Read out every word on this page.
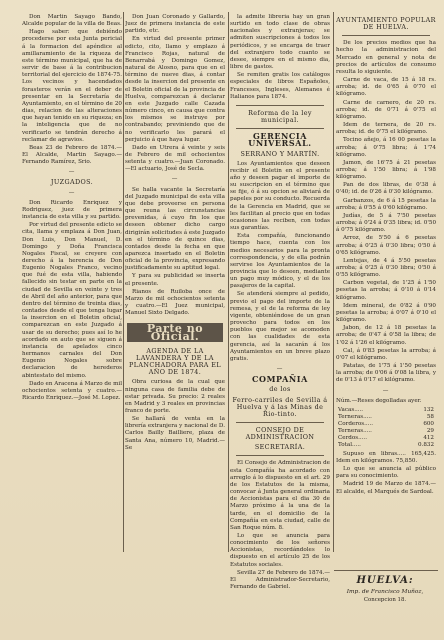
Don Martin Sayago Bando, Alcalde popular de la villa de Beas.

Hago saber: que debiéndo procederse por esta Junta pericial á la formacion del apéndice al amillaramiento de la riqueza de este término municipal, que ha de servir de base á la contribucion territorial del ejercicio de 1874-75. Los vecinos y hacendados forasteros verán en el deber de presentar en la Secretaría de Ayuntamiento, en el término de 20 dias, relacion de las alteraciones que hayan tenido en su riqueza; en la inteligencia que de no verificarlo se tendrán derecho á reclamar de agravios.

Beas 23 de Febrero de 1874.—El Alcalde, Martin Sayago.—Fernando Ramírez, Srio.

—
JUZGADOS.
—

Don Ricardo Enriquez y Rodriguez, juez de primera instancia de esta villa y su partido.

Por virtud del presente edicto se cita, llama y emplaza á Don Juan, Don Luis, Don Manuel, D. Domingo y Doña Francisca Nogales Fiscal, se creyere con derecho á la herencia de Don Eugenio Nogales Franco, vecino que fué de esta villa, habiendo fallecido sin testar en parte en la ciudad de Sevilla en veinte y tres de Abril del año anterior, para que dentro del término de treinta dias, contados desde el que tenga lugar la insercion en el Boletin oficial, comparezcan en este Juzgado á usar de su derecho; pues así lo he acordado en auto que se siguen á instancia de apelados cinco hermanos carnales del Don Eugenio Nogales sobre declaracion de herederos abintestato del mismo.

Dado en Aracena á Marzo de mil ochocientos setenta y cuatro.—Ricardo Enriquez.—José M. Lopez.

Don Juan Coronado y Gallardo, Juez de primera instancia de este partido, etc.

En virtud del presente primer edicto, cito, llamo y emplazo á Francisco Rojas, natural de Benarrabá y Domingo Gomez, natural de Alosno, para que en el término de nueve dias, á contar desde la insercion del presente en el Boletin oficial de la provincia de Huelva, comparezcan á declarar en este Juzgado calle Cazada número cinco, en causa que contra los mismos se instruye por contrabando; previniendo que de no verificarlo les parará el perjuicio á que haya lugar.

Dado en Utrera á veinte y seis de Febrero de mil ochocientos setenta y cuatro.—Juan Coronado.—El actuario, José de Secla.

—

Se halla vacante la Secretaría del Juzgado municipal de esta villa que debe proveerse en persona que reuna las circunstancias prevenidas, á cuyo fin los que deseen obtener dicho cargo dirigirán solicitudes á este Juzgado en el término de quince dias, contados desde la fecha en que aparezca insertado en el Boletin oficial de la provincia, expresando justificadamente su aptitud legal.

Y para su publicidad se inserta el presente.

Rianos de Ruiloba once de Marzo de mil ochocientos setenta y cuatro.—El Juez municipal, Manuel Sixto Delgado.

Parte no Oficial.
AGENDA DE LA LAVANDERA Y DE LA PLANCHADORA PARA EL AÑO DE 1874.

Obra curiosa de la cual que ninguna casa de familia debe de estar privada. Su precio: 2 reales en Madrid y 3 reales en provincias franco de porte.

Se hallará de venta en la librería extranjera y nacional de D. Carlos Bailly Bailliere, plaza de Santa Ana, número 10, Madrid.—Se

la admite librería hay un gran surtido en todo clase de obras nacionales y extranjeras; se admiten suscripciones á todos los periódicos, y se encarga de traer del extranjero todo cuanto se desee, siempre en el mismo dia, libre de gastos.

Se remiten gratis los catálogos especiales de libros Españoles, Franceses, Ingleses, Alemanes é Italianos para 1874.

Reforma de la ley municipal.
GERENCIA UNIVERSAL.
SERRANO Y MARTÍN.

Los Ayuntamientos que deseen recibir el Boletin en el presente año y deseen pagar el importe de su suscripcion en el término que se fije, ó á su opcion se aliviará de papeles por su conducto. Recuerda de la Gerencia en Madrid, que se les facilitan al precio que en todas ocasiones las reciben, con todas sus garantías.

Esta compañía, funcionando tiempo hace, cuenta con los medios necesarios para la pronta correspondencia, y de ella podrán servirse los Ayuntamientos de la provincia que lo deseen, mediante un pago muy módico, y el de los pasajeros de la capital.

Se atenderá siempre al pedido, previo el pago del importe de la remesa, y el de la reforma de ley vigente, obteniéndose de un gran provecho para todos en los pueblos que mejor se acomoden con las cualidades de esta gerencia, así la sacarán á los Ayuntamientos en un breve plazo gratis.

—
COMPAÑIA
de los
Ferro-carriles de Sevilla á Huelva y á las Minas de Rio-tinto.
CONSEJO DE ADMINISTRACION
SECRETARÍA.

El Consejo de Administracion de esta Compañía ha acordado con arreglo á lo dispuesto en el art. 29 de los Estatutos de la misma, convocar á Junta general ordinaria de Accionistas para el dia 30 de Marzo próximo á la una de la tarde, en el domicilio de la Compañía en esta ciudad, calle de San Roque núm. 8.

Lo que se anuncia para conocimiento de los señores Accionistas, recordándoles lo dispuesto en el artículo 25 de los Estatutos sociales.

Sevilla 27 de Febrero de 1874.—El Administrador-Secretario, Fernando de Gabriel.

AYUNTAMIENTO POPULAR DE HUELVA.

De los precios medios que ha hecho la administracion del Mercado en general y nota de precios de artículos de consumo resulta lo siguiente.

Carne de vaca, de 15 á 18 rs. arroba; id. de 0'65 á 0'70 el kilógramo.

Carne de carnero, de 20 rs. arroba; id. de 0'71 á 0'75 el kilógramo.

Idem de ternera, de 20 rs. arroba; id. de 0'75 el kilógramo.

Tocino añejo, á 16 00 pesetas la arroba; á 0'75 libra; á 1'74 kilógramo.

Jamon, de 16'75 á 21 pesetas arroba; á 1'50 libra; á 1'98 kilógramo.

Pan de dos libras, de 0'38 á 0'40; id. de 0'26 á 0'30 kilógramo.

Garbanzos, de 6 á 15 pesetas la arroba; á 0'55 á 0'60 kilógramo.

Judías, de 5 á 7'50 pesetas arroba; á 0'24 á 0'35 libra; id. 0'50 á 0'75 kilógramo.

Arroz, de 5'50 á 6 pesetas arroba; á 0'25 á 0'30 libra; 0'50 á 0'65 kilógramo.

Lentejas, de 4 á 5'50 pesetas arroba; á 0'25 á 0'30 libra; 0'50 á 0'55 kilógramo.

Carbon vegetal, de 1'25 á 1'50 pesetas la arroba; á 0'10 á 0'14 kilógramo.

Idem mineral, de 0'82 á 0'90 pesetas la arroba; á 0'07 á 0'10 el kilógramo.

Jabon, de 12 á 18 pesetas la arroba; de 0'47 á 0'58 la libra; de 1'02 á 1'26 el kilógramo.

Cal, á 0'83 pesetas la arroba; á 0'07 el kilógramo.

Patatas, de 1'75 á 1'50 pesetas la arroba; de 0'06 á 0'08 la libra, y de 0'13 á 0'17 el kilógramo.

—

Núm.—Reses degolladas ayer.

Vacas.....	132
Terneras.....	58
Corderos.....	600
Terneras.....	29
Cerdos.....	412
Total.....	0.832

Supuso en libras..... 165,425. Idem en kilógramos. 75,850.

Lo que se anuncia al público para su conocimiento.

Madrid 19 de Marzo de 1874.—El alcalde, el Marqués de Sardoal.

HUELVA:
Imp. de Francisco Muñoz,
Concepcion 18.
